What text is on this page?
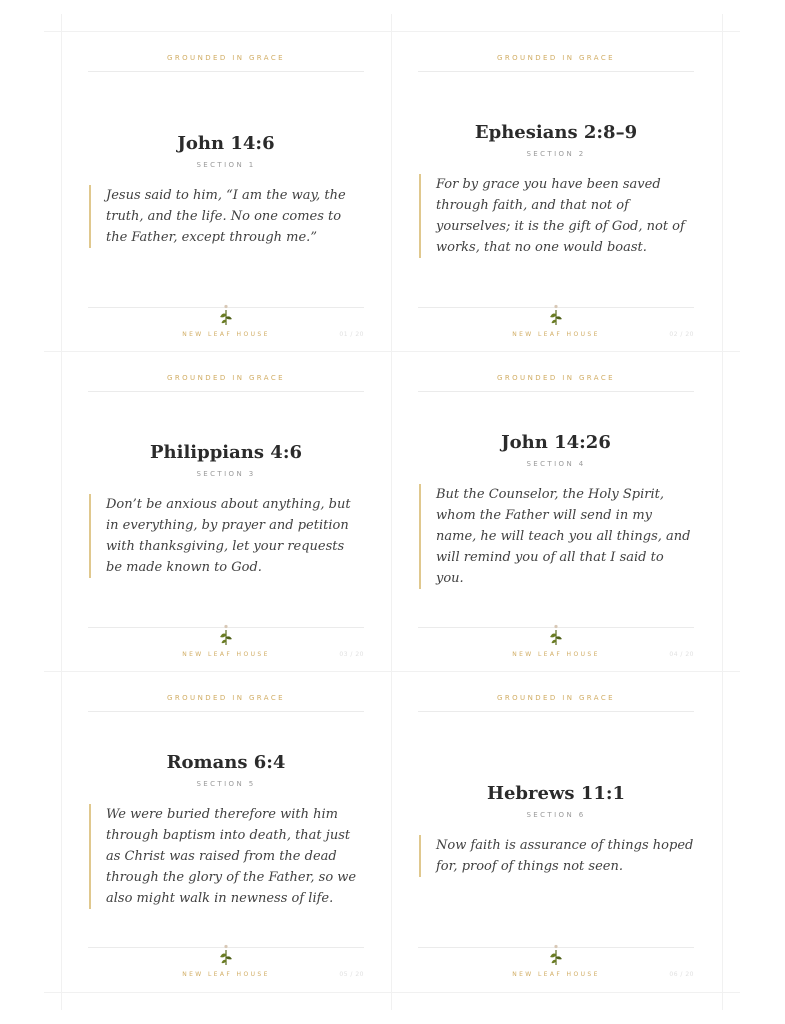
GROUNDED IN GRACE
John 14:6
SECTION 1

Jesus said to him, “I am the way, the truth, and the life. No one comes to the Father, except through me.”

NEW LEAF HOUSE	01 / 20
GROUNDED IN GRACE
Ephesians 2:8–9
SECTION 2

For by grace you have been saved through faith, and that not of yourselves; it is the gift of God, not of works, that no one would boast.

NEW LEAF HOUSE	02 / 20
GROUNDED IN GRACE
Philippians 4:6
SECTION 3

Don’t be anxious about anything, but in everything, by prayer and petition with thanksgiving, let your requests be made known to God.

NEW LEAF HOUSE	03 / 20
GROUNDED IN GRACE
John 14:26
SECTION 4

But the Counselor, the Holy Spirit, whom the Father will send in my name, he will teach you all things, and will remind you of all that I said to you.

NEW LEAF HOUSE	04 / 20
GROUNDED IN GRACE
Romans 6:4
SECTION 5

We were buried therefore with him through baptism into death, that just as Christ was raised from the dead through the glory of the Father, so we also might walk in newness of life.

NEW LEAF HOUSE	05 / 20
GROUNDED IN GRACE
Hebrews 11:1
SECTION 6

Now faith is assurance of things hoped for, proof of things not seen.

NEW LEAF HOUSE	06 / 20
